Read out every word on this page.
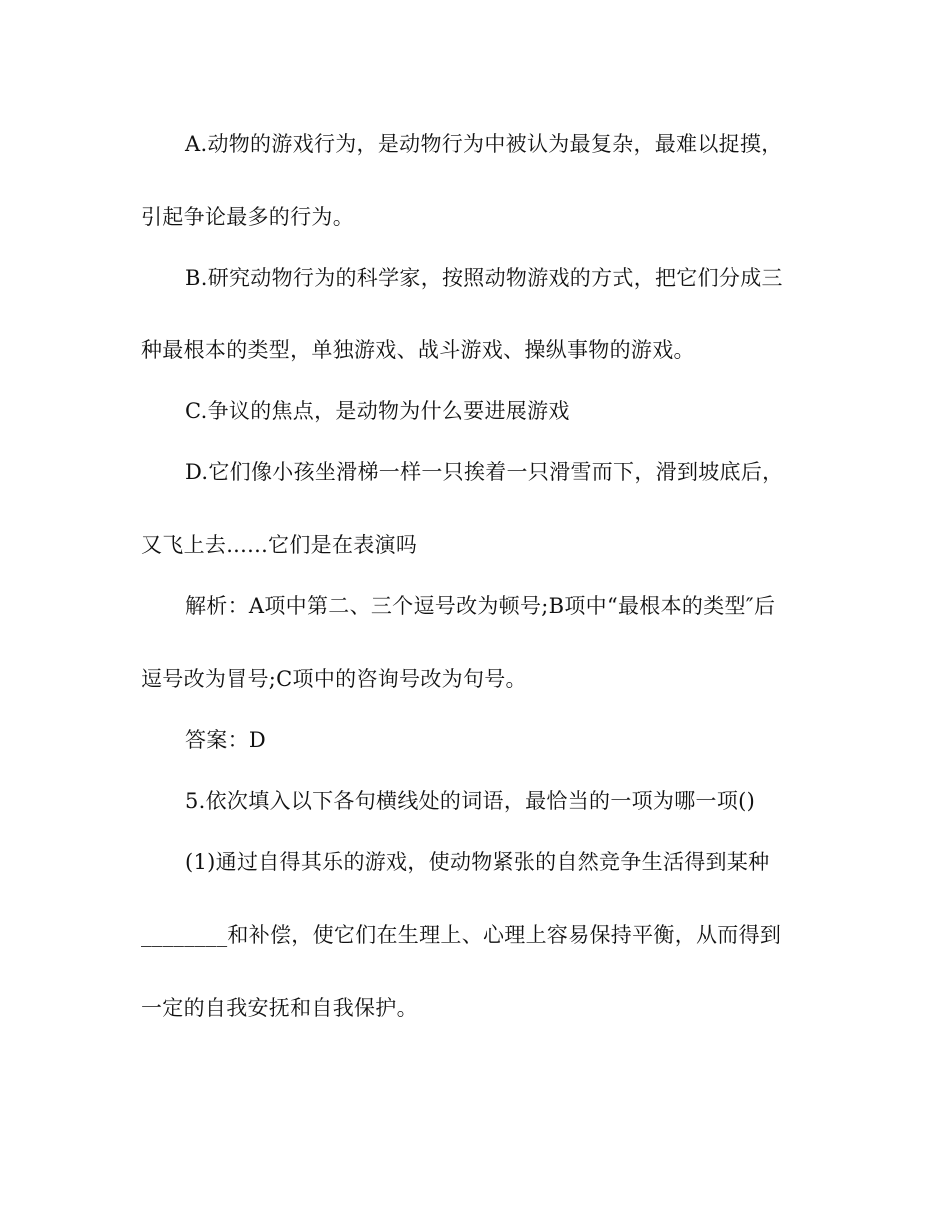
A.动物的游戏行为，是动物行为中被认为最复杂，最难以捉摸，
引起争论最多的行为。
B.研究动物行为的科学家，按照动物游戏的方式，把它们分成三
种最根本的类型，单独游戏、战斗游戏、操纵事物的游戏。
C.争议的焦点，是动物为什么要进展游戏
D.它们像小孩坐滑梯一样一只挨着一只滑雪而下，滑到坡底后，
又飞上去......它们是在表演吗
解析：A项中第二、三个逗号改为顿号;B项中“最根本的类型″后
逗号改为冒号;C项中的咨询号改为句号。
答案：D
5.依次填入以下各句横线处的词语，最恰当的一项为哪一项()
(1)通过自得其乐的游戏，使动物紧张的自然竞争生活得到某种
________和补偿，使它们在生理上、心理上容易保持平衡，从而得到
一定的自我安抚和自我保护。
